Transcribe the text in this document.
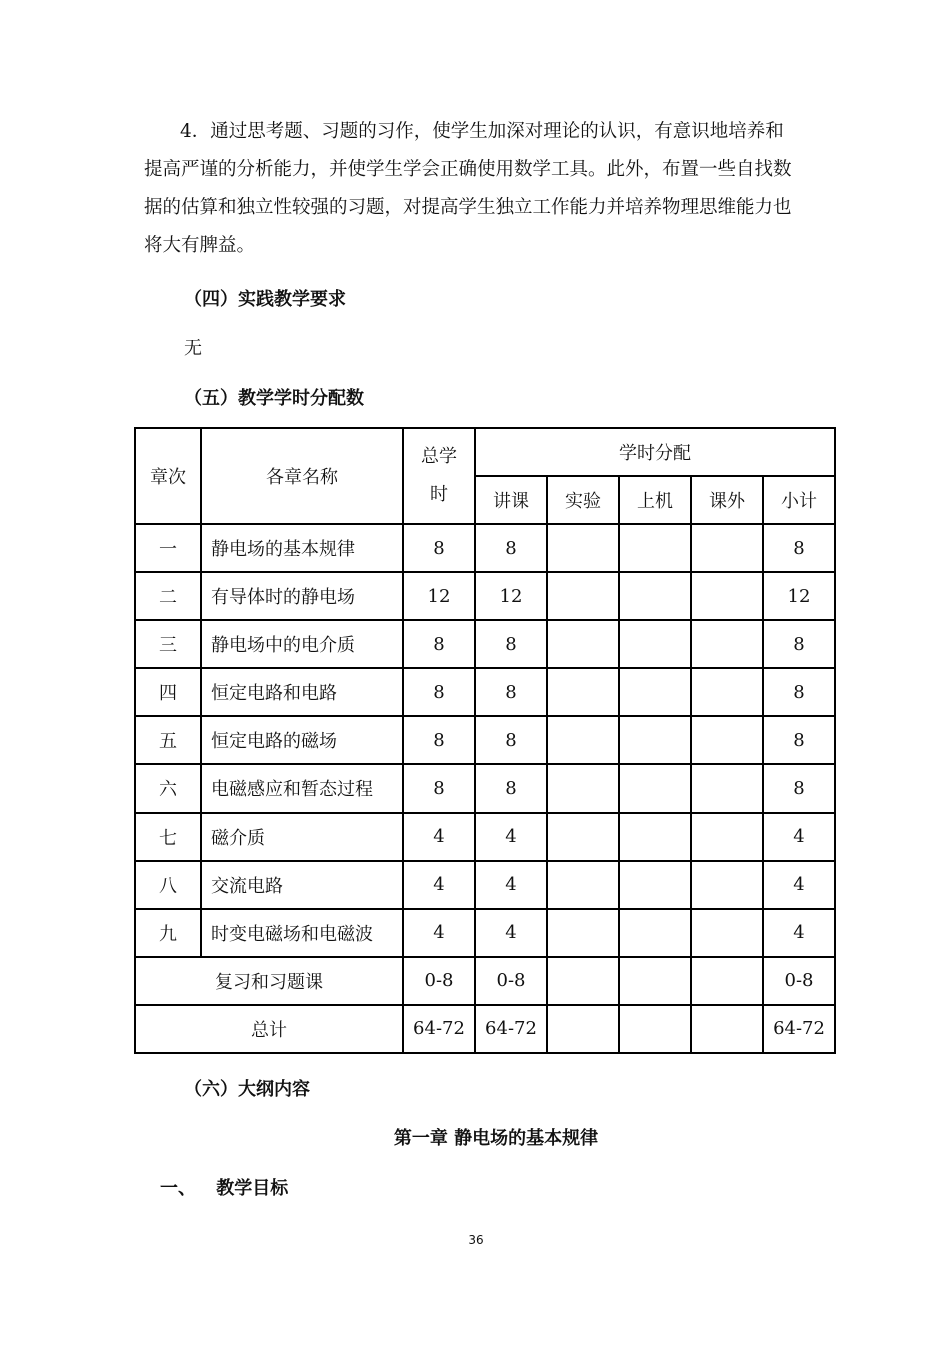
4．通过思考题、习题的习作，使学生加深对理论的认识，有意识地培养和
提高严谨的分析能力，并使学生学会正确使用数学工具。此外，布置一些自找数
据的估算和独立性较强的习题，对提高学生独立工作能力并培养物理思维能力也
将大有脾益。
（四）实践教学要求
无
（五）教学学时分配数
章次	各章名称	总学
时	学时分配				
			讲课	实验	上机	课外	小计
一	静电场的基本规律	8	8				8
二	有导体时的静电场	12	12				12
三	静电场中的电介质	8	8				8
四	恒定电路和电路	8	8				8
五	恒定电路的磁场	8	8				8
六	电磁感应和暂态过程	8	8				8
七	磁介质	4	4				4
八	交流电路	4	4				4
九	时变电磁场和电磁波	4	4				4
复习和习题课		0-8	0-8				0-8
总计		64-72	64-72				64-72
（六）大纲内容
第一章 静电场的基本规律
一、 教学目标
36
